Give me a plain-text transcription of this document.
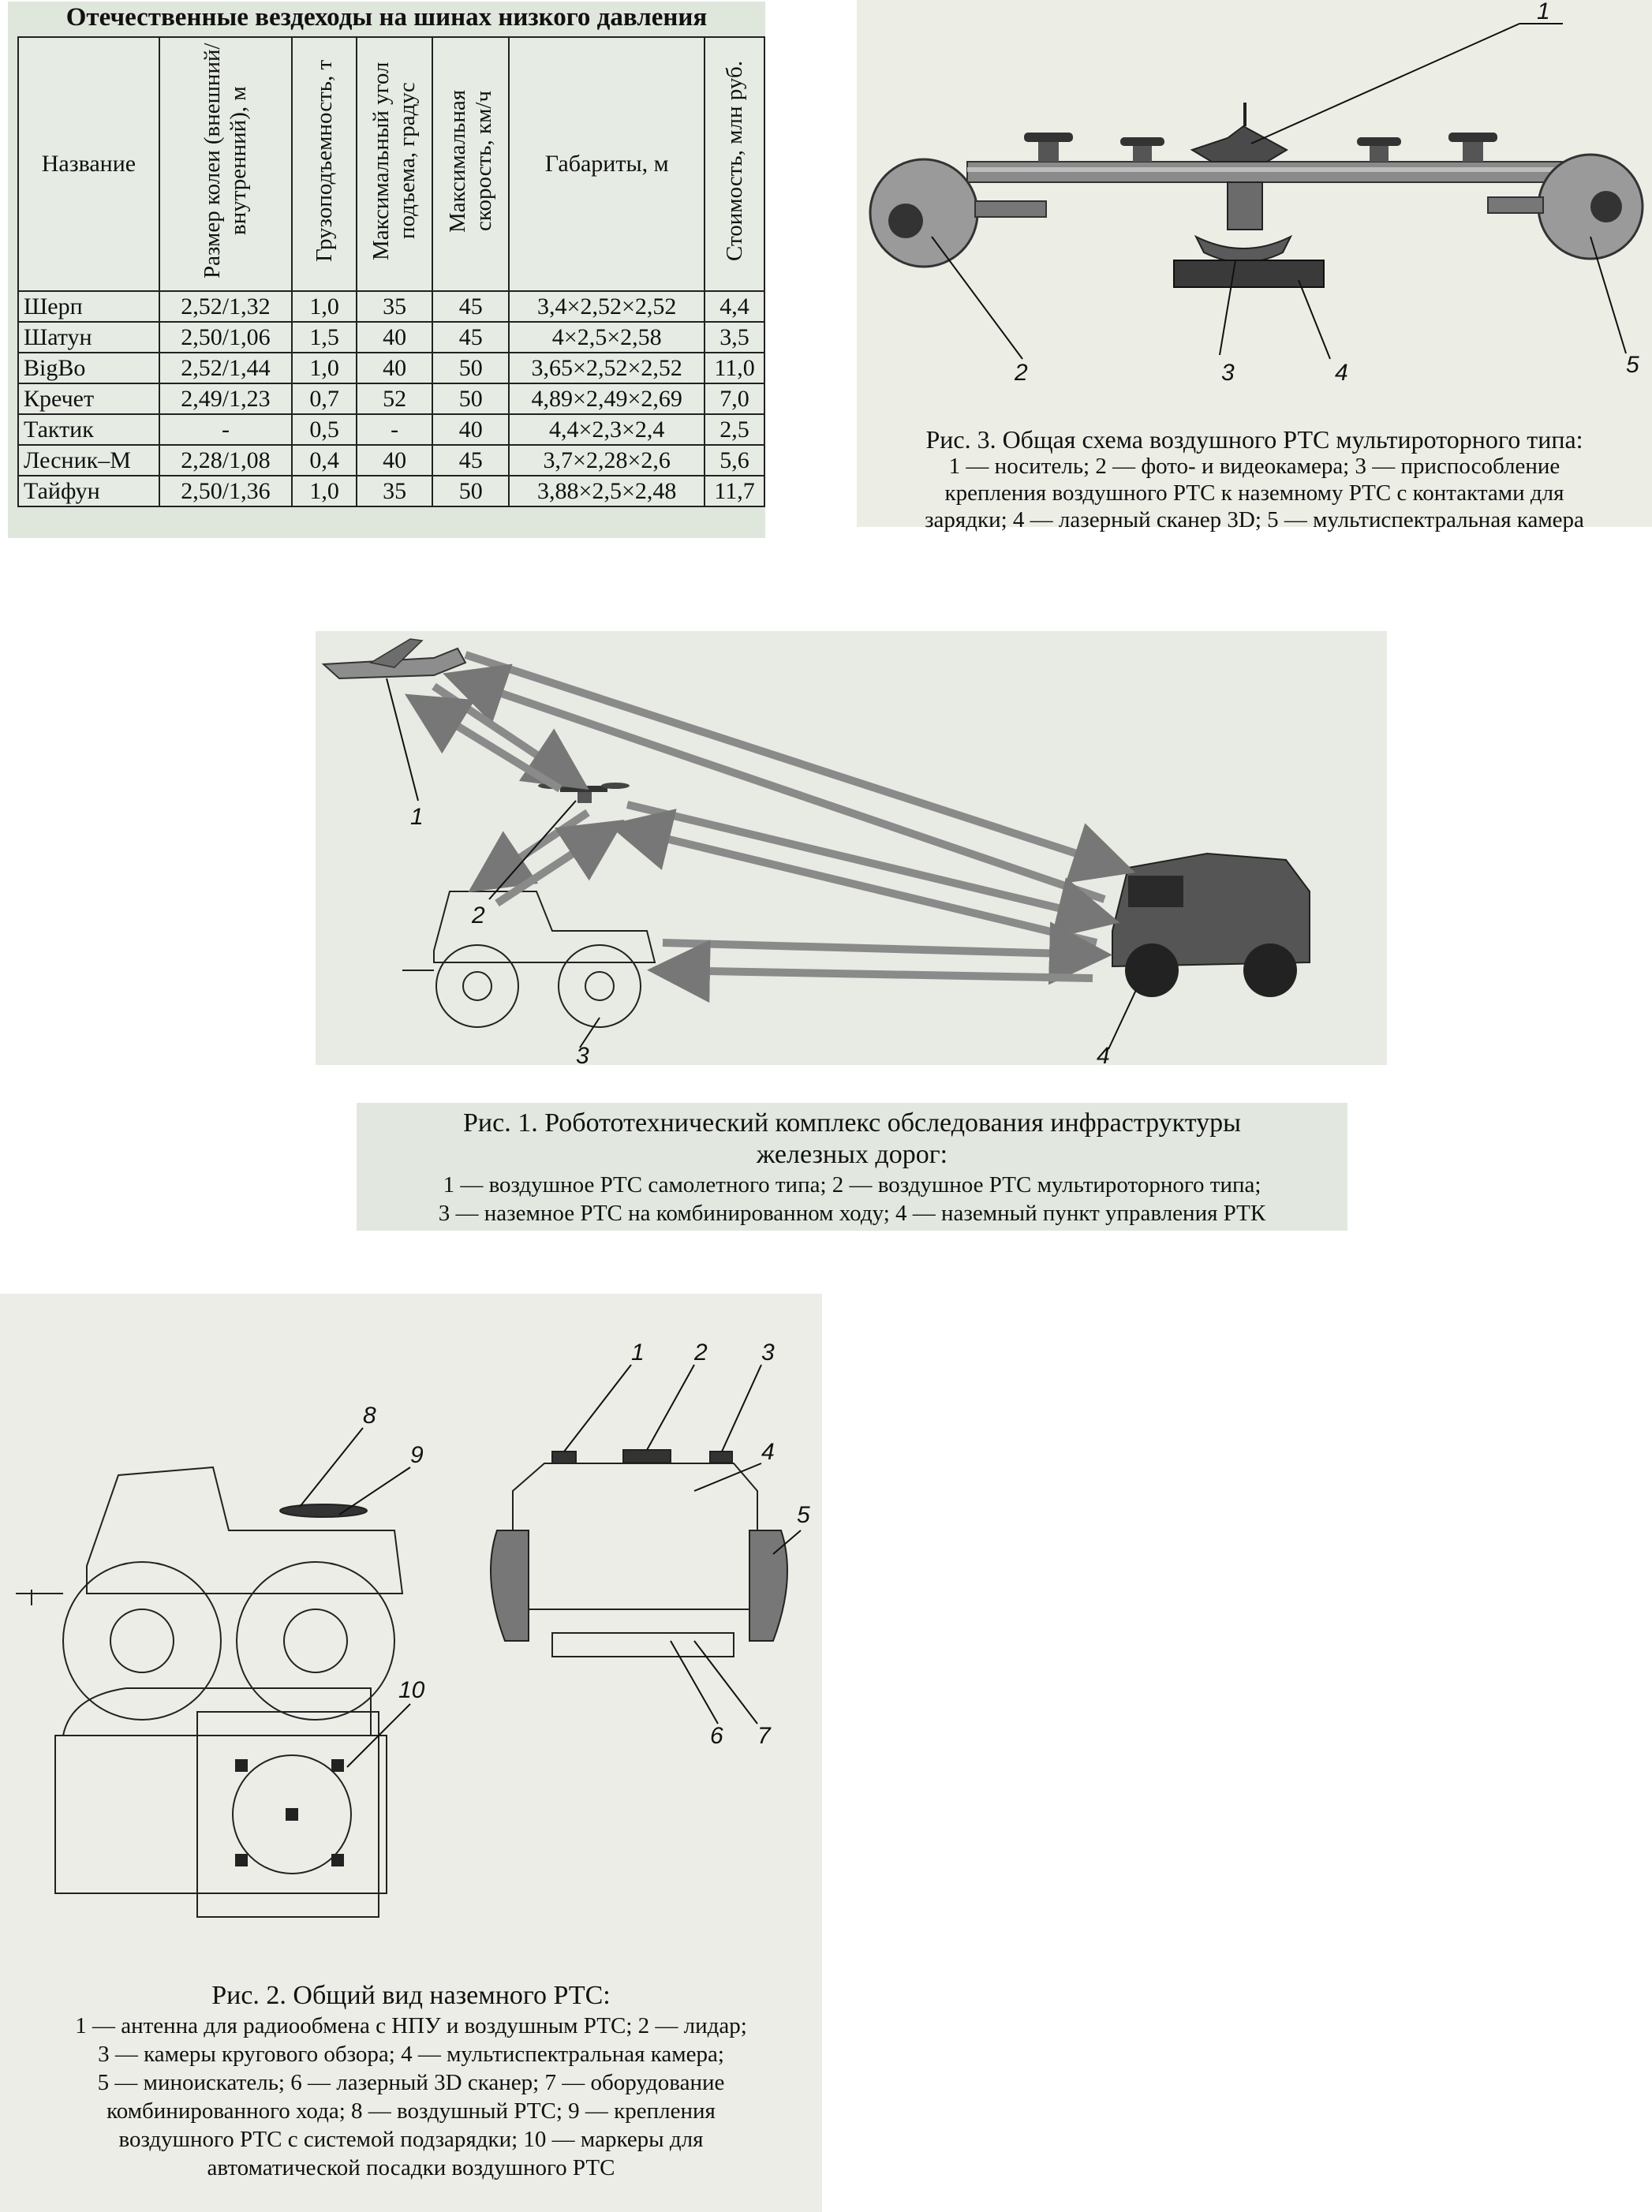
Отечественные вездеходы на шинах низкого давления
Название	Размер колеи (внешний/ внутренний), м	Грузоподъемность, т	Максимальный угол подъема, градус	Максимальная скорость, км/ч	Габариты, м	Стоимость, млн руб.
Шерп	2,52/1,32	1,0	35	45	3,4×2,52×2,52	4,4
Шатун	2,50/1,06	1,5	40	45	4×2,5×2,58	3,5
BigBo	2,52/1,44	1,0	40	50	3,65×2,52×2,52	11,0
Кречет	2,49/1,23	0,7	52	50	4,89×2,49×2,69	7,0
Тактик	-	0,5	-	40	4,4×2,3×2,4	2,5
Лесник–М	2,28/1,08	0,4	40	45	3,7×2,28×2,6	5,6
Тайфун	2,50/1,36	1,0	35	50	3,88×2,5×2,48	11,7
1
2	3	4	5
Рис. 3. Общая схема воздушного РТС мультироторного типа:
1 — носитель; 2 — фото- и видеокамера; 3 — приспособление
крепления воздушного РТС к наземному РТС с контактами для
зарядки; 4 — лазерный сканер 3D; 5 — мультиспектральная камера
1
2
3	4
Рис. 1. Робототехнический комплекс обследования инфраструктуры
железных дорог:
1 — воздушное РТС самолетного типа; 2 — воздушное РТС мультироторного типа;
3 — наземное РТС на комбинированном ходу; 4 — наземный пункт управления РТК
1 2 3
4
5
6 7
8
9
10
Рис. 2. Общий вид наземного РТС:
1 — антенна для радиообмена с НПУ и воздушным РТС; 2 — лидар;
3 — камеры кругового обзора; 4 — мультиспектральная камера;
5 — миноискатель; 6 — лазерный 3D сканер; 7 — оборудование
комбинированного хода; 8 — воздушный РТС; 9 — крепления
воздушного РТС с системой подзарядки; 10 — маркеры для
автоматической посадки воздушного РТС
